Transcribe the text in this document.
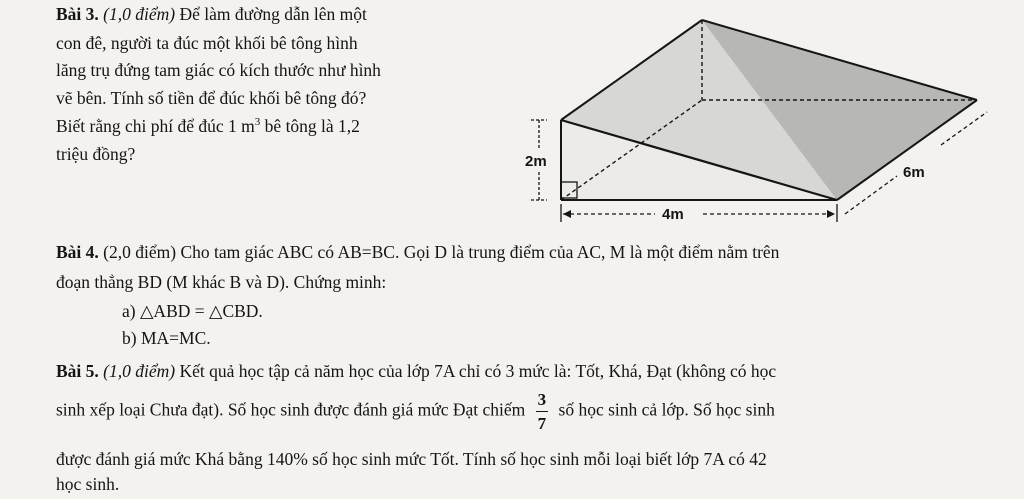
Bài 3. (1,0 điểm) Để làm đường dẫn lên một
con đê, người ta đúc một khối bê tông hình
lăng trụ đứng tam giác có kích thước như hình
vẽ bên. Tính số tiền để đúc khối bê tông đó?
Biết rằng chi phí để đúc 1 $m^3$ bê tông là 1,2
triệu đồng?	2m
4m
6m
Bài 4. (2,0 điểm) Cho tam giác ABC có AB=BC. Gọi D là trung điểm của AC, M là một điểm nằm trên
đoạn thẳng BD (M khác B và D). Chứng minh:
a) △ABD = △CBD.
b) MA=MC.
Bài 5. (1,0 điểm) Kết quả học tập cả năm học của lớp 7A chỉ có 3 mức là: Tốt, Khá, Đạt (không có học
sinh xếp loại Chưa đạt). Số học sinh được đánh giá mức Đạt chiếm $\frac{3}{7}$ số học sinh cả lớp. Số học sinh
được đánh giá mức Khá bằng 140% số học sinh mức Tốt. Tính số học sinh mỗi loại biết lớp 7A có 42
học sinh.
